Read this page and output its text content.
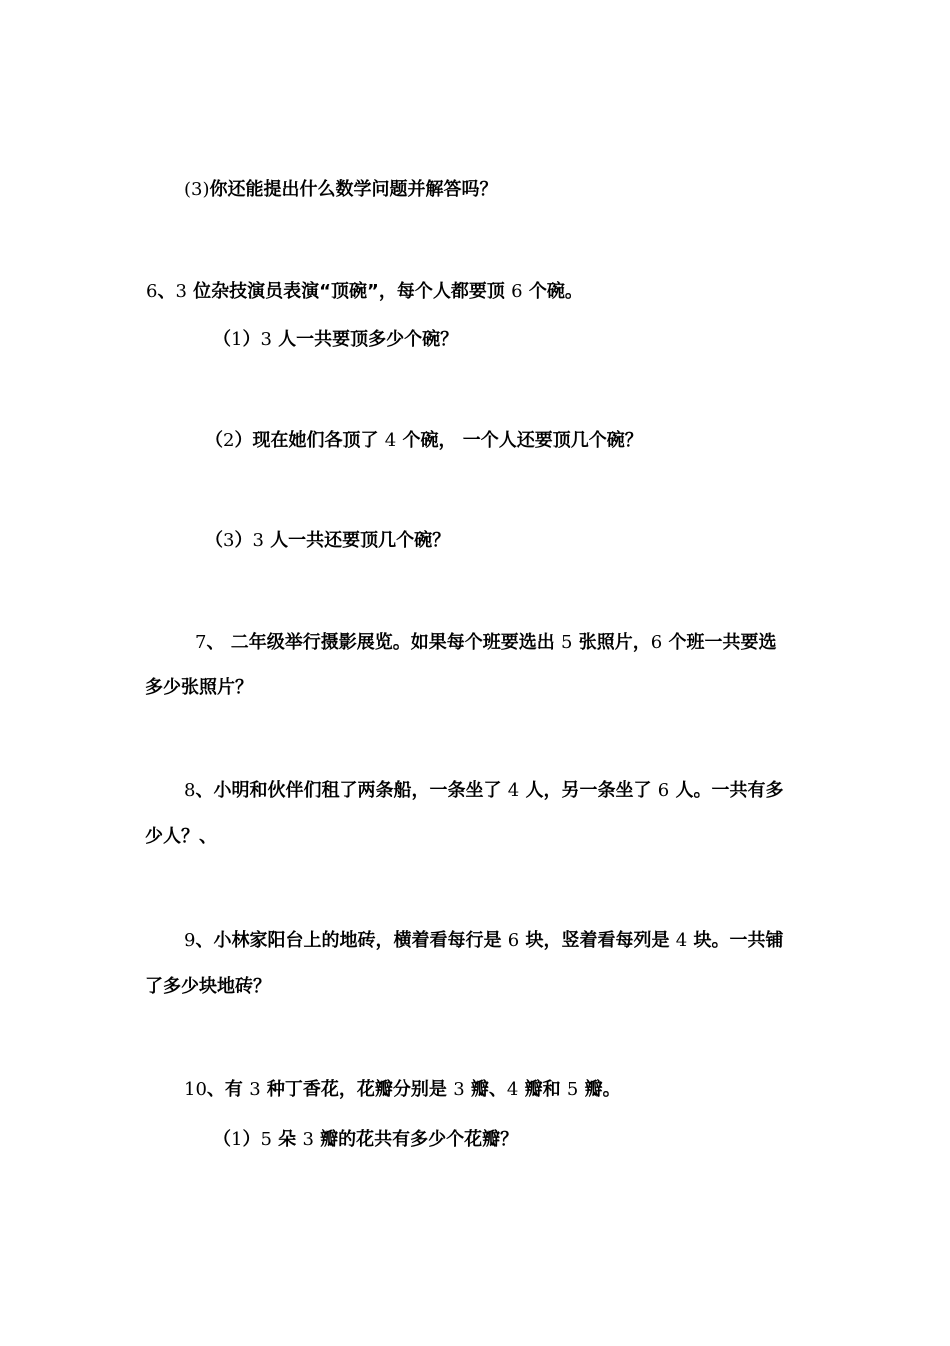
(3)你还能提出什么数学问题并解答吗？
6、3 位杂技演员表演“顶碗”，每个人都要顶 6 个碗。
（1）3 人一共要顶多少个碗？
（2）现在她们各顶了 4 个碗， 一个人还要顶几个碗？
（3）3 人一共还要顶几个碗？
7、 二年级举行摄影展览。如果每个班要选出 5 张照片，6 个班一共要选
多少张照片？
8、小明和伙伴们租了两条船，一条坐了 4 人，另一条坐了 6 人。一共有多
少人？、
9、小林家阳台上的地砖，横着看每行是 6 块，竖着看每列是 4 块。一共铺
了多少块地砖？
10、有 3 种丁香花，花瓣分别是 3 瓣、4 瓣和 5 瓣。
（1）5 朵 3 瓣的花共有多少个花瓣？
